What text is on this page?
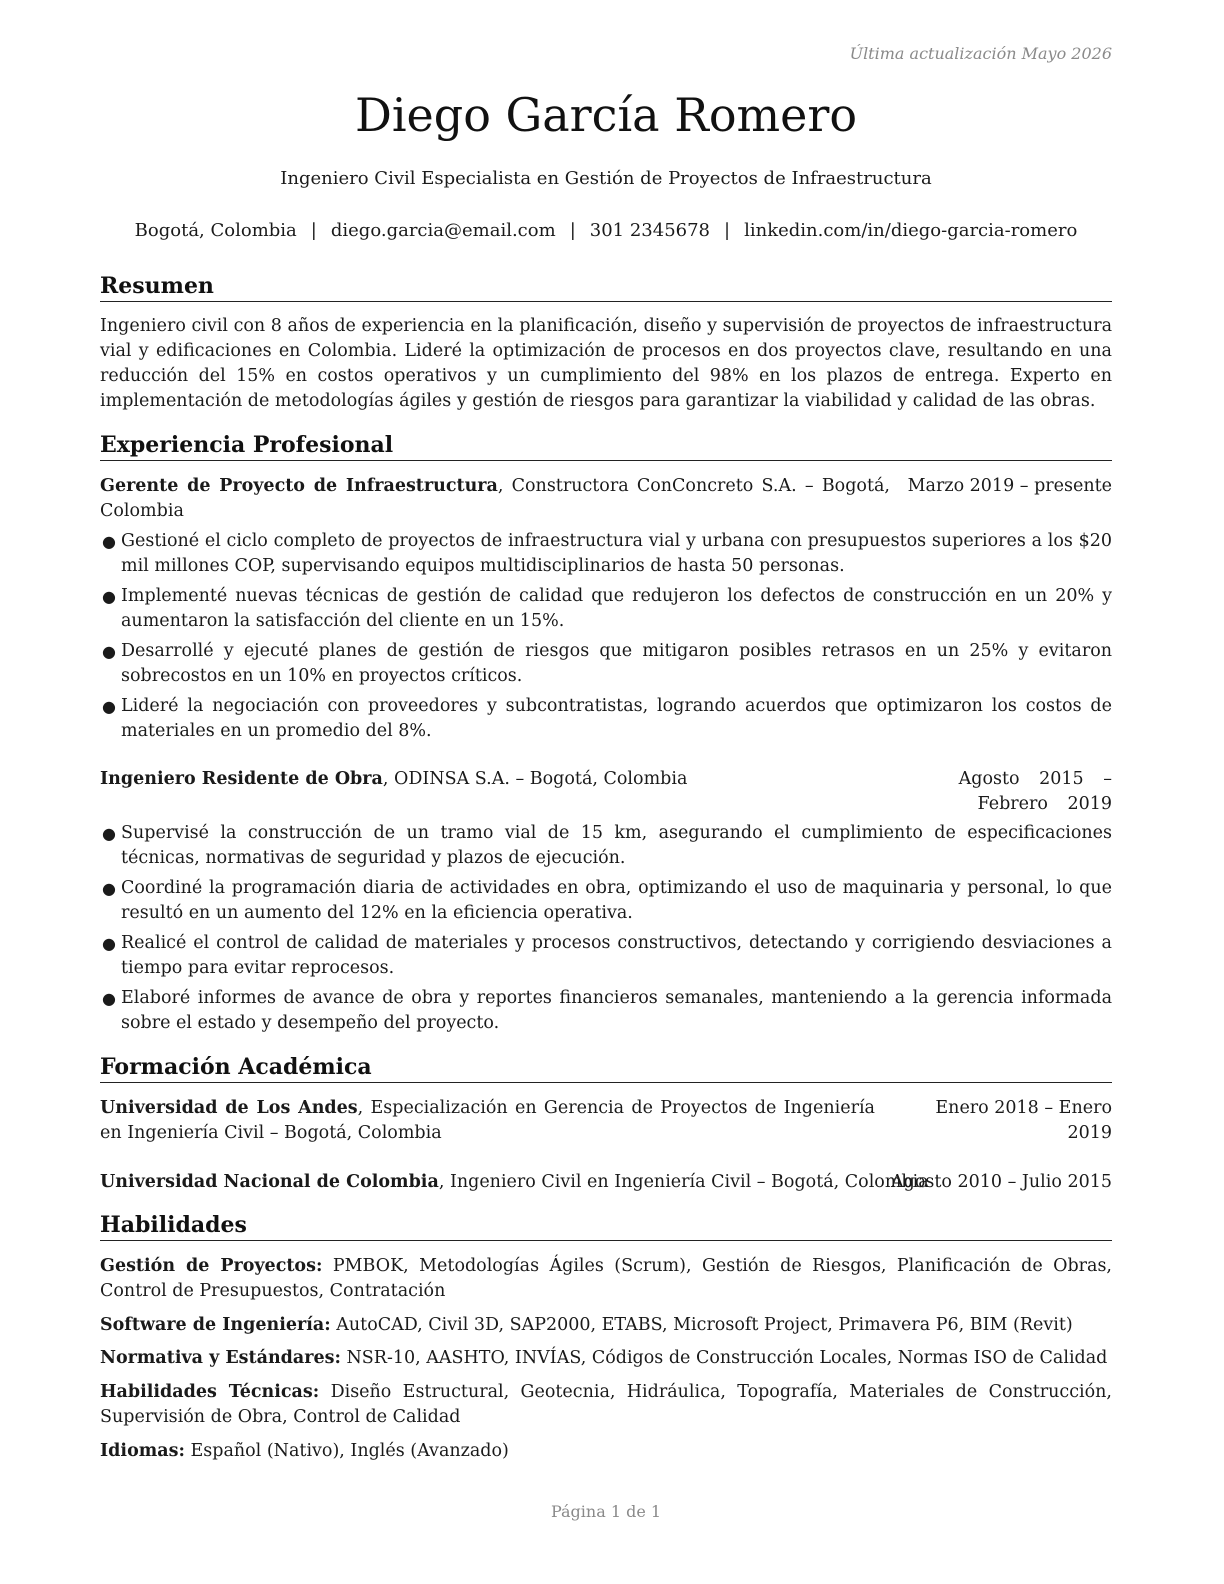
Última actualización Mayo 2026
Diego García Romero
Ingeniero Civil Especialista en Gestión de Proyectos de Infraestructura
Bogotá, Colombia | diego.garcia@email.com | 301 2345678 | linkedin.com/in/diego-garcia-romero
Resumen
Ingeniero civil con 8 años de experiencia en la planificación, diseño y supervisión de proyectos de infraestructura vial y edificaciones en Colombia. Lideré la optimización de procesos en dos proyectos clave, resultando en una reducción del 15% en costos operativos y un cumplimiento del 98% en los plazos de entrega. Experto en implementación de metodologías ágiles y gestión de riesgos para garantizar la viabilidad y calidad de las obras.
Experiencia Profesional
Gerente de Proyecto de Infraestructura, Constructora ConConcreto S.A. – Bogotá, Colombia
Marzo 2019 – presente
● Gestioné el ciclo completo de proyectos de infraestructura vial y urbana con presupuestos superiores a los $20 mil millones COP, supervisando equipos multidisciplinarios de hasta 50 personas.
● Implementé nuevas técnicas de gestión de calidad que redujeron los defectos de construcción en un 20% y aumentaron la satisfacción del cliente en un 15%.
● Desarrollé y ejecuté planes de gestión de riesgos que mitigaron posibles retrasos en un 25% y evitaron sobrecostos en un 10% en proyectos críticos.
● Lideré la negociación con proveedores y subcontratistas, logrando acuerdos que optimizaron los costos de materiales en un promedio del 8%.
Ingeniero Residente de Obra, ODINSA S.A. – Bogotá, Colombia	Agosto 2015 – Febrero 2019
● Supervisé la construcción de un tramo vial de 15 km, asegurando el cumplimiento de especificaciones técnicas, normativas de seguridad y plazos de ejecución.
● Coordiné la programación diaria de actividades en obra, optimizando el uso de maquinaria y personal, lo que resultó en un aumento del 12% en la eficiencia operativa.
● Realicé el control de calidad de materiales y procesos constructivos, detectando y corrigiendo desviaciones a tiempo para evitar reprocesos.
● Elaboré informes de avance de obra y reportes financieros semanales, manteniendo a la gerencia informada sobre el estado y desempeño del proyecto.
Formación Académica
Universidad de Los Andes, Especialización en Gerencia de Proyectos de Ingeniería en Ingeniería Civil – Bogotá, Colombia
Enero 2018 – Enero 2019
Universidad Nacional de Colombia, Ingeniero Civil en Ingeniería Civil – Bogotá, Colombia
Agosto 2010 – Julio 2015
Habilidades
Gestión de Proyectos: PMBOK, Metodologías Ágiles (Scrum), Gestión de Riesgos, Planificación de Obras, Control de Presupuestos, Contratación
Software de Ingeniería: AutoCAD, Civil 3D, SAP2000, ETABS, Microsoft Project, Primavera P6, BIM (Revit)
Normativa y Estándares: NSR-10, AASHTO, INVÍAS, Códigos de Construcción Locales, Normas ISO de Calidad
Habilidades Técnicas: Diseño Estructural, Geotecnia, Hidráulica, Topografía, Materiales de Construcción, Supervisión de Obra, Control de Calidad
Idiomas: Español (Nativo), Inglés (Avanzado)
Página 1 de 1
